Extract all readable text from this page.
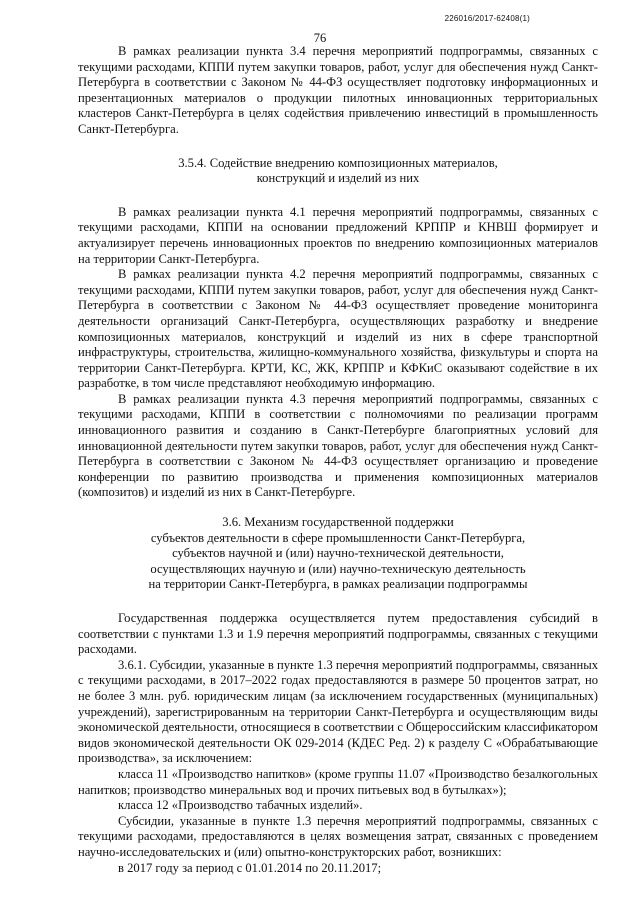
226016/2017-62408(1)
76

В рамках реализации пункта 3.4 перечня мероприятий подпрограммы, связанных с текущими расходами, КППИ путем закупки товаров, работ, услуг для обеспечения нужд Санкт-Петербурга в соответствии с Законом № 44-ФЗ осуществляет подготовку информационных и презентационных материалов о продукции пилотных инновационных территориальных кластеров Санкт-Петербурга в целях содействия привлечению инвестиций в промышленность Санкт-Петербурга.

3.5.4. Содействие внедрению композиционных материалов,

конструкций и изделий из них

В рамках реализации пункта 4.1 перечня мероприятий подпрограммы, связанных с текущими расходами, КППИ на основании предложений КРППР и КНВШ формирует и актуализирует перечень инновационных проектов по внедрению композиционных материалов на территории Санкт-Петербурга.

В рамках реализации пункта 4.2 перечня мероприятий подпрограммы, связанных с текущими расходами, КППИ путем закупки товаров, работ, услуг для обеспечения нужд Санкт-Петербурга в соответствии с Законом № 44-ФЗ осуществляет проведение мониторинга деятельности организаций Санкт-Петербурга, осуществляющих разработку и внедрение композиционных материалов, конструкций и изделий из них в сфере транспортной инфраструктуры, строительства, жилищно-коммунального хозяйства, физкультуры и спорта на территории Санкт-Петербурга. КРТИ, КС, ЖК, КРППР и КФКиС оказывают содействие в их разработке, в том числе представляют необходимую информацию.

В рамках реализации пункта 4.3 перечня мероприятий подпрограммы, связанных с текущими расходами, КППИ в соответствии с полномочиями по реализации программ инновационного развития и созданию в Санкт-Петербурге благоприятных условий для инновационной деятельности путем закупки товаров, работ, услуг для обеспечения нужд Санкт-Петербурга в соответствии с Законом № 44-ФЗ осуществляет организацию и проведение конференции по развитию производства и применения композиционных материалов (композитов) и изделий из них в Санкт-Петербурге.

3.6. Механизм государственной поддержки

субъектов деятельности в сфере промышленности Санкт-Петербурга,

субъектов научной и (или) научно-технической деятельности,

осуществляющих научную и (или) научно-техническую деятельность

на территории Санкт-Петербурга, в рамках реализации подпрограммы

Государственная поддержка осуществляется путем предоставления субсидий в соответствии с пунктами 1.3 и 1.9 перечня мероприятий подпрограммы, связанных с текущими расходами.

3.6.1. Субсидии, указанные в пункте 1.3 перечня мероприятий подпрограммы, связанных с текущими расходами, в 2017–2022 годах предоставляются в размере 50 процентов затрат, но не более 3 млн. руб. юридическим лицам (за исключением государственных (муниципальных) учреждений), зарегистрированным на территории Санкт-Петербурга и осуществляющим виды экономической деятельности, относящиеся в соответствии с Общероссийским классификатором видов экономической деятельности ОК 029-2014 (КДЕС Ред. 2) к разделу С «Обрабатывающие производства», за исключением:

класса 11 «Производство напитков» (кроме группы 11.07 «Производство безалкогольных напитков; производство минеральных вод и прочих питьевых вод в бутылках»);

класса 12 «Производство табачных изделий».

Субсидии, указанные в пункте 1.3 перечня мероприятий подпрограммы, связанных с текущими расходами, предоставляются в целях возмещения затрат, связанных с проведением научно-исследовательских и (или) опытно-конструкторских работ, возникших:

в 2017 году за период с 01.01.2014 по 20.11.2017;
